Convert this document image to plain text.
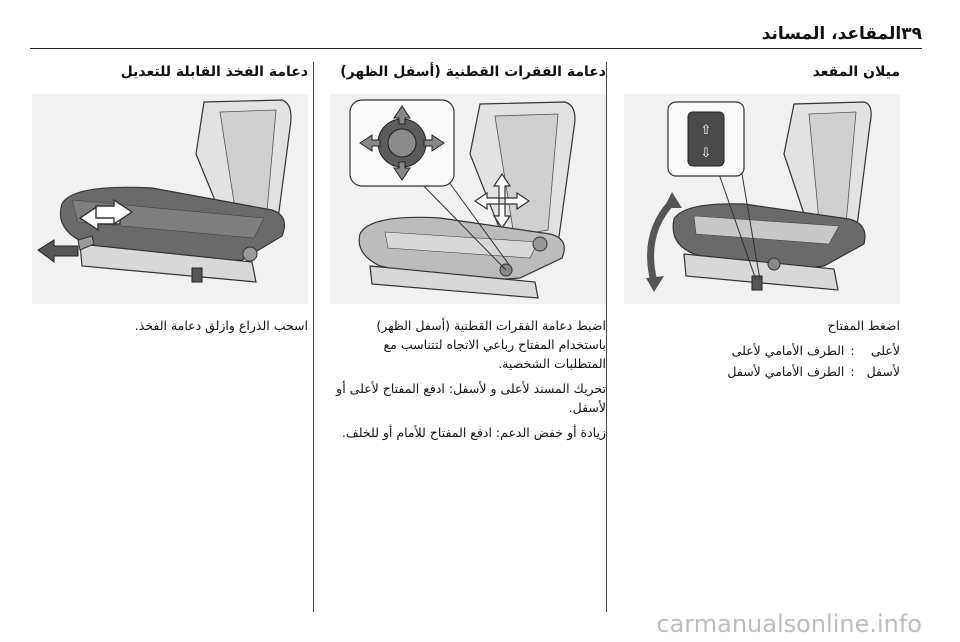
٣٩
المقاعد، المساند
ميلان المقعد
⇧
⇩

اضغط المفتاح

لأعلى	:	الطرف الأمامي لأعلى
لأسفل	:	الطرف الأمامي لأسفل
دعامة الفقرات القطنية (أسفل الظهر)

اضبط دعامة الفقرات القطنية (أسفل الظهر) باستخدام المفتاح رباعي الاتجاه لتتناسب مع المتطلبات الشخصية.

تحريك المسند لأعلى و لأسفل: ادفع المفتاح لأعلى أو لأسفل.

زيادة أو خفض الدعم: ادفع المفتاح للأمام أو للخلف.

دعامة الفخذ القابلة للتعديل

اسحب الذراع وازلق دعامة الفخذ.

carmanualsonline.info
